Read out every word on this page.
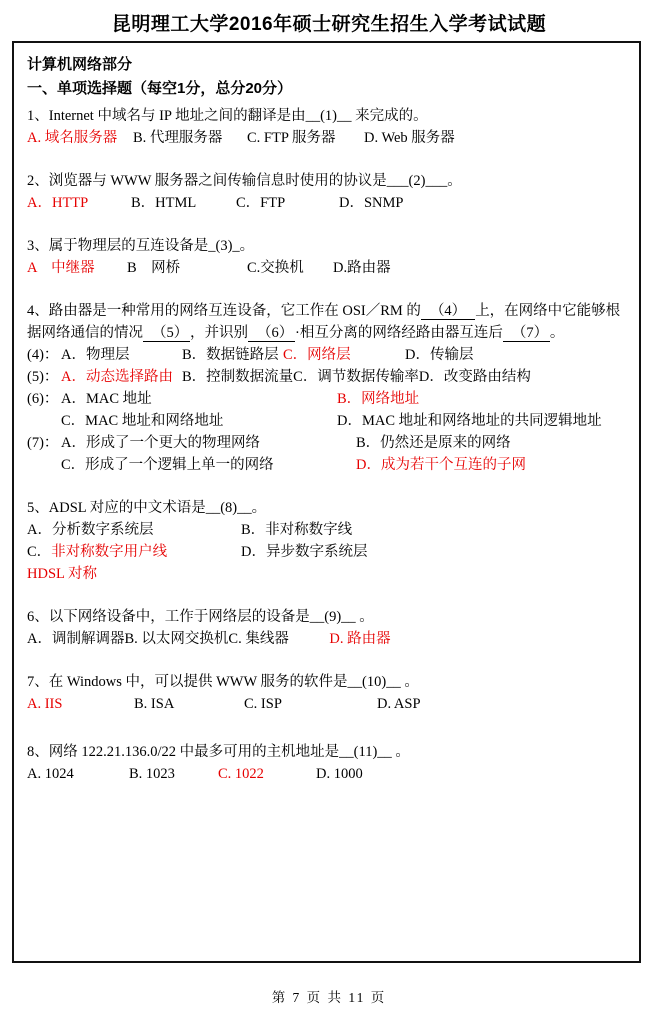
昆明理工大学2016年硕士研究生招生入学考试试题
计算机网络部分
一、单项选择题（每空1分，总分20分）
1、Internet 中域名与 IP 地址之间的翻译是由__(1)__ 来完成的。
A. 域名服务器	B. 代理服务器	C. FTP 服务器	D. Web 服务器
2、浏览器与 WWW 服务器之间传输信息时使用的协议是___(2)___。
A．HTTP	B．HTML	C．FTP	D．SNMP
3、属于物理层的互连设备是_(3)_。
A　中继器	B　网桥	C.交换机	D.路由器
4、路由器是一种常用的网络互连设备，它工作在 OSI／RM 的 （4） 上，在网络中它能够根据网络通信的情况 （5） ，并识别 （6） ·相互分离的网络经路由器互连后 （7） 。
(4)： A．物理层	B．数据链路层 C．网络层	D．传输层
(5)： A．动态选择路由 B．控制数据流量 C．调节数据传输率 D．改变路由结构
(6)： A．MAC 地址	B．网络地址
C．MAC 地址和网络地址	D．MAC 地址和网络地址的共同逻辑地址
(7)： A．形成了一个更大的物理网络	B．仍然还是原来的网络
C．形成了一个逻辑上单一的网络	D．成为若干个互连的子网
5、ADSL 对应的中文术语是__(8)__。
A．分析数字系统层	B．非对称数字线
C．非对称数字用户线	D．异步数字系统层
HDSL 对称
6、以下网络设备中，工作于网络层的设备是__(9)__ 。
A．调制解调器 B. 以太网交换机 C. 集线器	D. 路由器
7、在 Windows 中，可以提供 WWW 服务的软件是__(10)__ 。
A. IIS	B. ISA	C. ISP	D. ASP
8、网络 122.21.136.0/22 中最多可用的主机地址是__(11)__ 。
A. 1024	B. 1023	C. 1022	D. 1000
第 7 页 共 11 页
